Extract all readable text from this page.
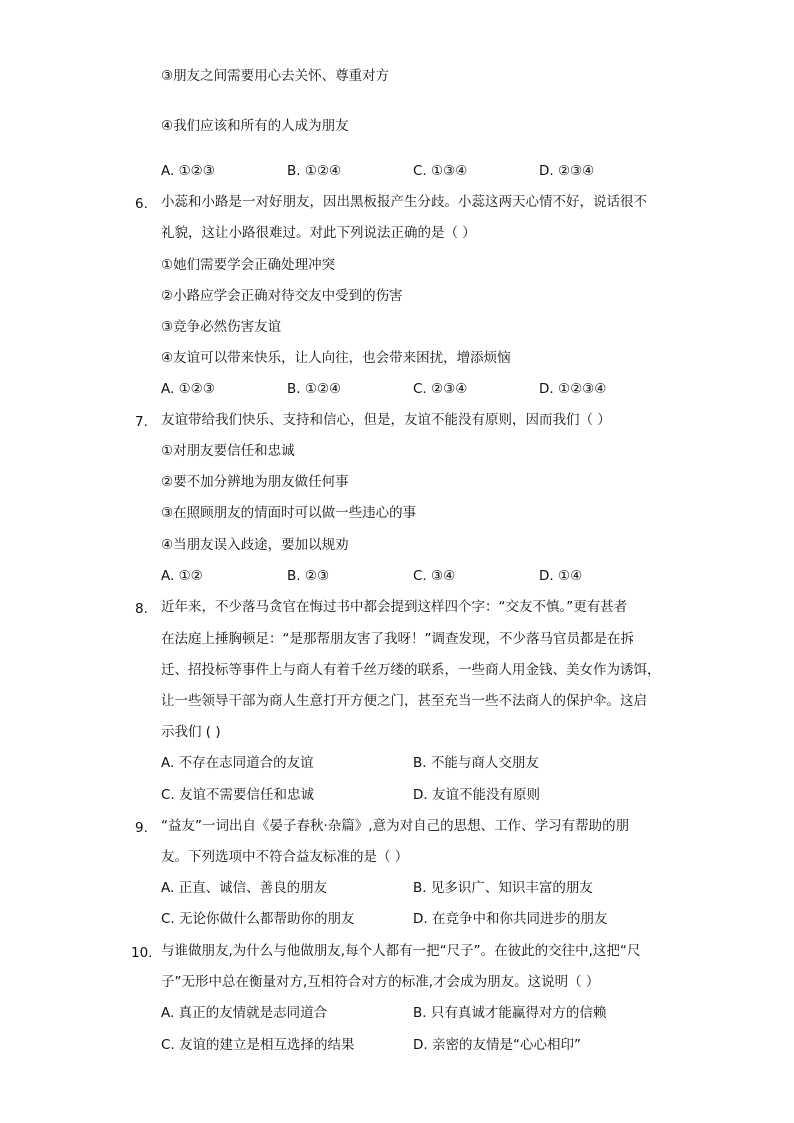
③朋友之间需要用心去关怀、尊重对方
④我们应该和所有的人成为朋友
A. ①②③	B. ①②④	C. ①③④	D. ②③④
6. 小蕊和小路是一对好朋友，因出黑板报产生分歧。小蕊这两天心情不好，说话很不
礼貌，这让小路很难过。对此下列说法正确的是（ ）
①她们需要学会正确处理冲突
②小路应学会正确对待交友中受到的伤害
③竞争必然伤害友谊
④友谊可以带来快乐，让人向往，也会带来困扰，增添烦恼
A. ①②③	B. ①②④	C. ②③④	D. ①②③④
7. 友谊带给我们快乐、支持和信心，但是，友谊不能没有原则，因而我们（ ）
①对朋友要信任和忠诚
②要不加分辨地为朋友做任何事
③在照顾朋友的情面时可以做一些违心的事
④当朋友误入歧途，要加以规劝
A. ①②	B. ②③	C. ③④	D. ①④
8. 近年来，不少落马贪官在悔过书中都会提到这样四个字：“交友不慎。”更有甚者
在法庭上捶胸顿足：“是那帮朋友害了我呀！”调查发现，不少落马官员都是在拆
迁、招投标等事件上与商人有着千丝万缕的联系，一些商人用金钱、美女作为诱饵，
让一些领导干部为商人生意打开方便之门，甚至充当一些不法商人的保护伞。这启
示我们 ( )
A. 不存在志同道合的友谊	B. 不能与商人交朋友
C. 友谊不需要信任和忠诚	D. 友谊不能没有原则
9. “益友”一词出自《晏子春秋·杂篇》,意为对自己的思想、工作、学习有帮助的朋
友。下列选项中不符合益友标准的是（ ）
A. 正直、诚信、善良的朋友	B. 见多识广、知识丰富的朋友
C. 无论你做什么都帮助你的朋友	D. 在竞争中和你共同进步的朋友
10. 与谁做朋友,为什么与他做朋友,每个人都有一把“尺子”。在彼此的交往中,这把“尺
子”无形中总在衡量对方,互相符合对方的标准,才会成为朋友。这说明（ ）
A. 真正的友情就是志同道合	B. 只有真诚才能赢得对方的信赖
C. 友谊的建立是相互选择的结果	D. 亲密的友情是“心心相印”
